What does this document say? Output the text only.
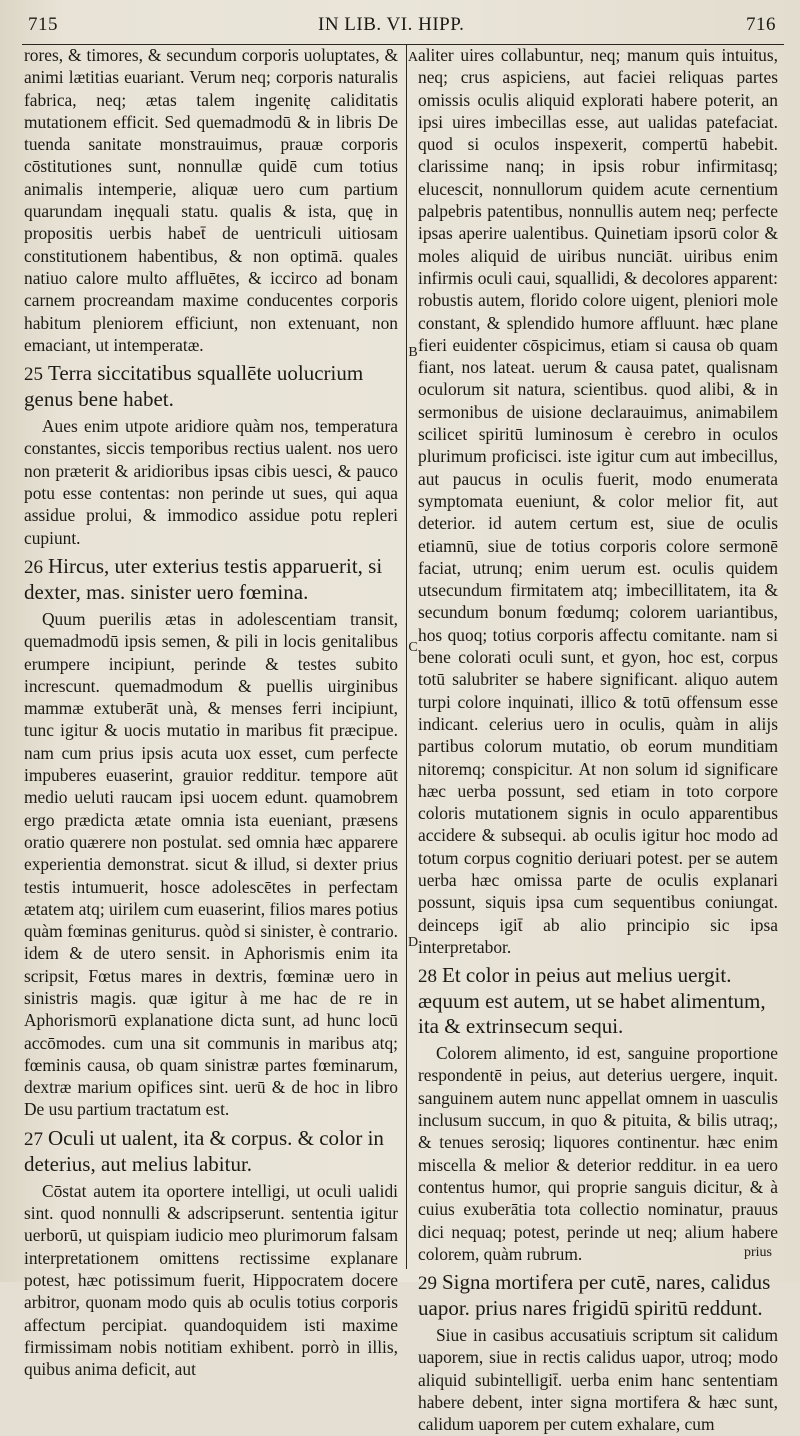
715	IN LIB. VI. HIPP.	716

rores, & timores, & secundum corporis uoluptates, & animi lætitias euariant. Verum neq; corporis naturalis fabrica, neq; ætas talem ingenitę caliditatis mutationem efficit. Sed quemadmodū & in libris De tuenda sanitate monstrauimus, prauæ corporis cōstitutiones sunt, nonnullæ quidē cum totius animalis intemperie, aliquæ uero cum partium quarundam inęquali statu. qualis & ista, quę in propositis uerbis habet̄ de uentriculi uitiosam constitutionem habentibus, & non optimā. quales natiuo calore multo affluētes, & iccirco ad bonam carnem procreandam maxime conducentes corporis habitum pleniorem efficiunt, non extenuant, non emaciant, ut intemperatæ.

25 Terra siccitatibus squallēte uolucrium genus bene habet.

Aues enim utpote aridiore quàm nos, temperatura constantes, siccis temporibus rectius ualent. nos uero non præterit & aridioribus ipsas cibis uesci, & pauco potu esse contentas: non perinde ut sues, qui aqua assidue prolui, & immodico assidue potu repleri cupiunt.

26 Hircus, uter exterius testis apparuerit, si dexter, mas. sinister uero fœmina.

Quum puerilis ætas in adolescentiam transit, quemadmodū ipsis semen, & pili in locis genitalibus erumpere incipiunt, perinde & testes subito increscunt. quemadmodum & puellis uirginibus mammæ extuberāt unà, & menses ferri incipiunt, tunc igitur & uocis mutatio in maribus fit præcipue. nam cum prius ipsis acuta uox esset, cum perfecte impuberes euaserint, grauior redditur. tempore aūt medio ueluti raucam ipsi uocem edunt. quamobrem ergo prædicta ætate omnia ista eueniant, præsens oratio quærere non postulat. sed omnia hæc apparere experientia demonstrat. sicut & illud, si dexter prius testis intumuerit, hosce adolescētes in perfectam ætatem atq; uirilem cum euaserint, filios mares potius quàm fœminas geniturus. quòd si sinister, è contrario. idem & de utero sensit. in Aphorismis enim ita scripsit, Fœtus mares in dextris, fœminæ uero in sinistris magis. quæ igitur à me hac de re in Aphorismorū explanatione dicta sunt, ad hunc locū accōmodes. cum una sit communis in maribus atq; fœminis causa, ob quam sinistræ partes fœminarum, dextræ marium opifices sint. uerū & de hoc in libro De usu partium tractatum est.

27 Oculi ut ualent, ita & corpus. & color in deterius, aut melius labitur.

Cōstat autem ita oportere intelligi, ut oculi ualidi sint. quod nonnulli & adscripserunt. sententia igitur uerborū, ut quispiam iudicio meo plurimorum falsam interpretationem omittens rectissime explanare potest, hæc potissimum fuerit, Hippocratem docere arbitror, quonam modo quis ab oculis totius corporis affectum percipiat. quandoquidem isti maxime firmissimam nobis notitiam exhibent. porrò in illis, quibus anima deficit, aut

aliter uires collabuntur, neq; manum quis intuitus, neq; crus aspiciens, aut faciei reliquas partes omissis oculis aliquid explorati habere poterit, an ipsi uires imbecillas esse, aut ualidas patefaciat. quod si oculos inspexerit, compertū habebit. clarissime nanq; in ipsis robur infirmitasq; elucescit, nonnullorum quidem acute cernentium palpebris patentibus, nonnullis autem neq; perfecte ipsas aperire ualentibus. Quinetiam ipsorū color & moles aliquid de uiribus nunciāt. uiribus enim infirmis oculi caui, squallidi, & decolores apparent: robustis autem, florido colore uigent, pleniori mole constant, & splendido humore affluunt. hæc plane fieri euidenter cōspicimus, etiam si causa ob quam fiant, nos lateat. uerum & causa patet, qualisnam oculorum sit natura, scientibus. quod alibi, & in sermonibus de uisione declarauimus, animabilem scilicet spiritū luminosum è cerebro in oculos plurimum proficisci. iste igitur cum aut imbecillus, aut paucus in oculis fuerit, modo enumerata symptomata eueniunt, & color melior fit, aut deterior. id autem certum est, siue de oculis etiamnū, siue de totius corporis colore sermonē faciat, utrunq; enim uerum est. oculis quidem utsecundum firmitatem atq; imbecillitatem, ita & secundum bonum fœdumq; colorem uariantibus, hos quoq; totius corporis affectu comitante. nam si bene colorati oculi sunt, et gyon, hoc est, corpus totū salubriter se habere significant. aliquo autem turpi colore inquinati, illico & totū offensum esse indicant. celerius uero in oculis, quàm in alijs partibus colorum mutatio, ob eorum munditiam nitoremq; conspicitur. At non solum id significare hæc uerba possunt, sed etiam in toto corpore coloris mutationem signis in oculo apparentibus accidere & subsequi. ab oculis igitur hoc modo ad totum corpus cognitio deriuari potest. per se autem uerba hæc omissa parte de oculis explanari possunt, siquis ipsa cum sequentibus coniungat. deinceps igit̄ ab alio principio sic ipsa interpretabor.

28 Et color in peius aut melius uergit. æquum est autem, ut se habet alimentum, ita & extrinsecum sequi.

Colorem alimento, id est, sanguine proportione respondentē in peius, aut deterius uergere, inquit. sanguinem autem nunc appellat omnem in uasculis inclusum succum, in quo & pituita, & bilis utraq;, & tenues serosiq; liquores continentur. hæc enim miscella & melior & deterior redditur. in ea uero contentus humor, qui proprie sanguis dicitur, & à cuius exuberātia tota collectio nominatur, prauus dici nequaq; potest, perinde ut neq; alium habere colorem, quàm rubrum.

29 Signa mortifera per cutē, nares, calidus uapor. prius nares frigidū spiritū reddunt.

Siue in casibus accusatiuis scriptum sit calidum uaporem, siue in rectis calidus uapor, utroq; modo aliquid subintelligit̄. uerba enim hanc sententiam habere debent, inter signa mortifera & hæc sunt, calidum uaporem per cutem exhalare, cum

A
B
C
D
prius
